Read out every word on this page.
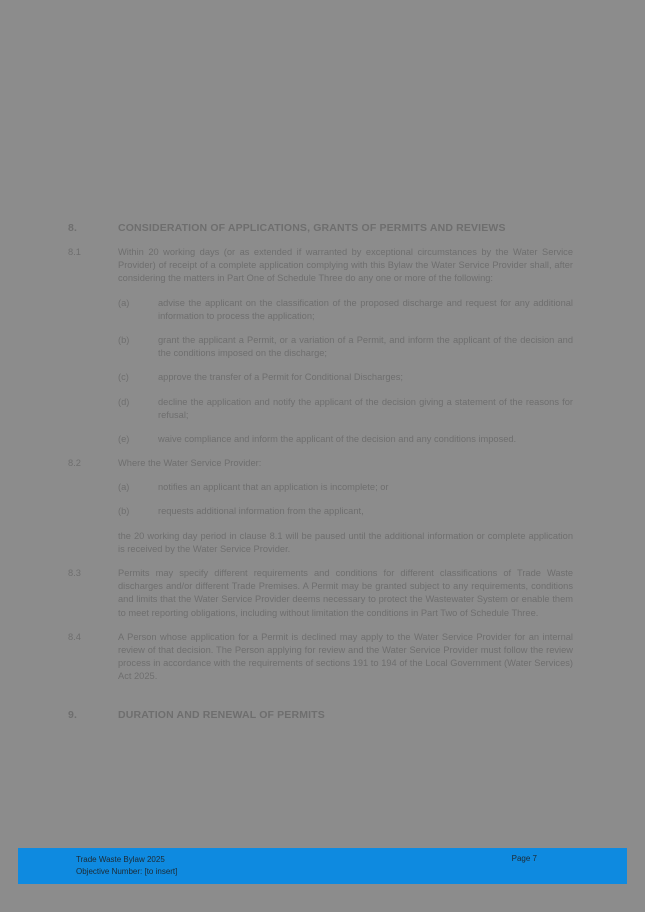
8.	CONSIDERATION OF APPLICATIONS, GRANTS OF PERMITS AND REVIEWS
8.1	Within 20 working days (or as extended if warranted by exceptional circumstances by the Water Service Provider) of receipt of a complete application complying with this Bylaw the Water Service Provider shall, after considering the matters in Part One of Schedule Three do any one or more of the following:
(a)	advise the applicant on the classification of the proposed discharge and request for any additional information to process the application;
(b)	grant the applicant a Permit, or a variation of a Permit, and inform the applicant of the decision and the conditions imposed on the discharge;
(c)	approve the transfer of a Permit for Conditional Discharges;
(d)	decline the application and notify the applicant of the decision giving a statement of the reasons for refusal;
(e)	waive compliance and inform the applicant of the decision and any conditions imposed.
8.2	Where the Water Service Provider:
(a)	notifies an applicant that an application is incomplete; or
(b)	requests additional information from the applicant,
the 20 working day period in clause 8.1 will be paused until the additional information or complete application is received by the Water Service Provider.
8.3	Permits may specify different requirements and conditions for different classifications of Trade Waste discharges and/or different Trade Premises. A Permit may be granted subject to any requirements, conditions and limits that the Water Service Provider deems necessary to protect the Wastewater System or enable them to meet reporting obligations, including without limitation the conditions in Part Two of Schedule Three.
8.4	A Person whose application for a Permit is declined may apply to the Water Service Provider for an internal review of that decision. The Person applying for review and the Water Service Provider must follow the review process in accordance with the requirements of sections 191 to 194 of the Local Government (Water Services) Act 2025.
9.	DURATION AND RENEWAL OF PERMITS
Trade Waste Bylaw 2025
Objective Number: [to insert]
Page 7
